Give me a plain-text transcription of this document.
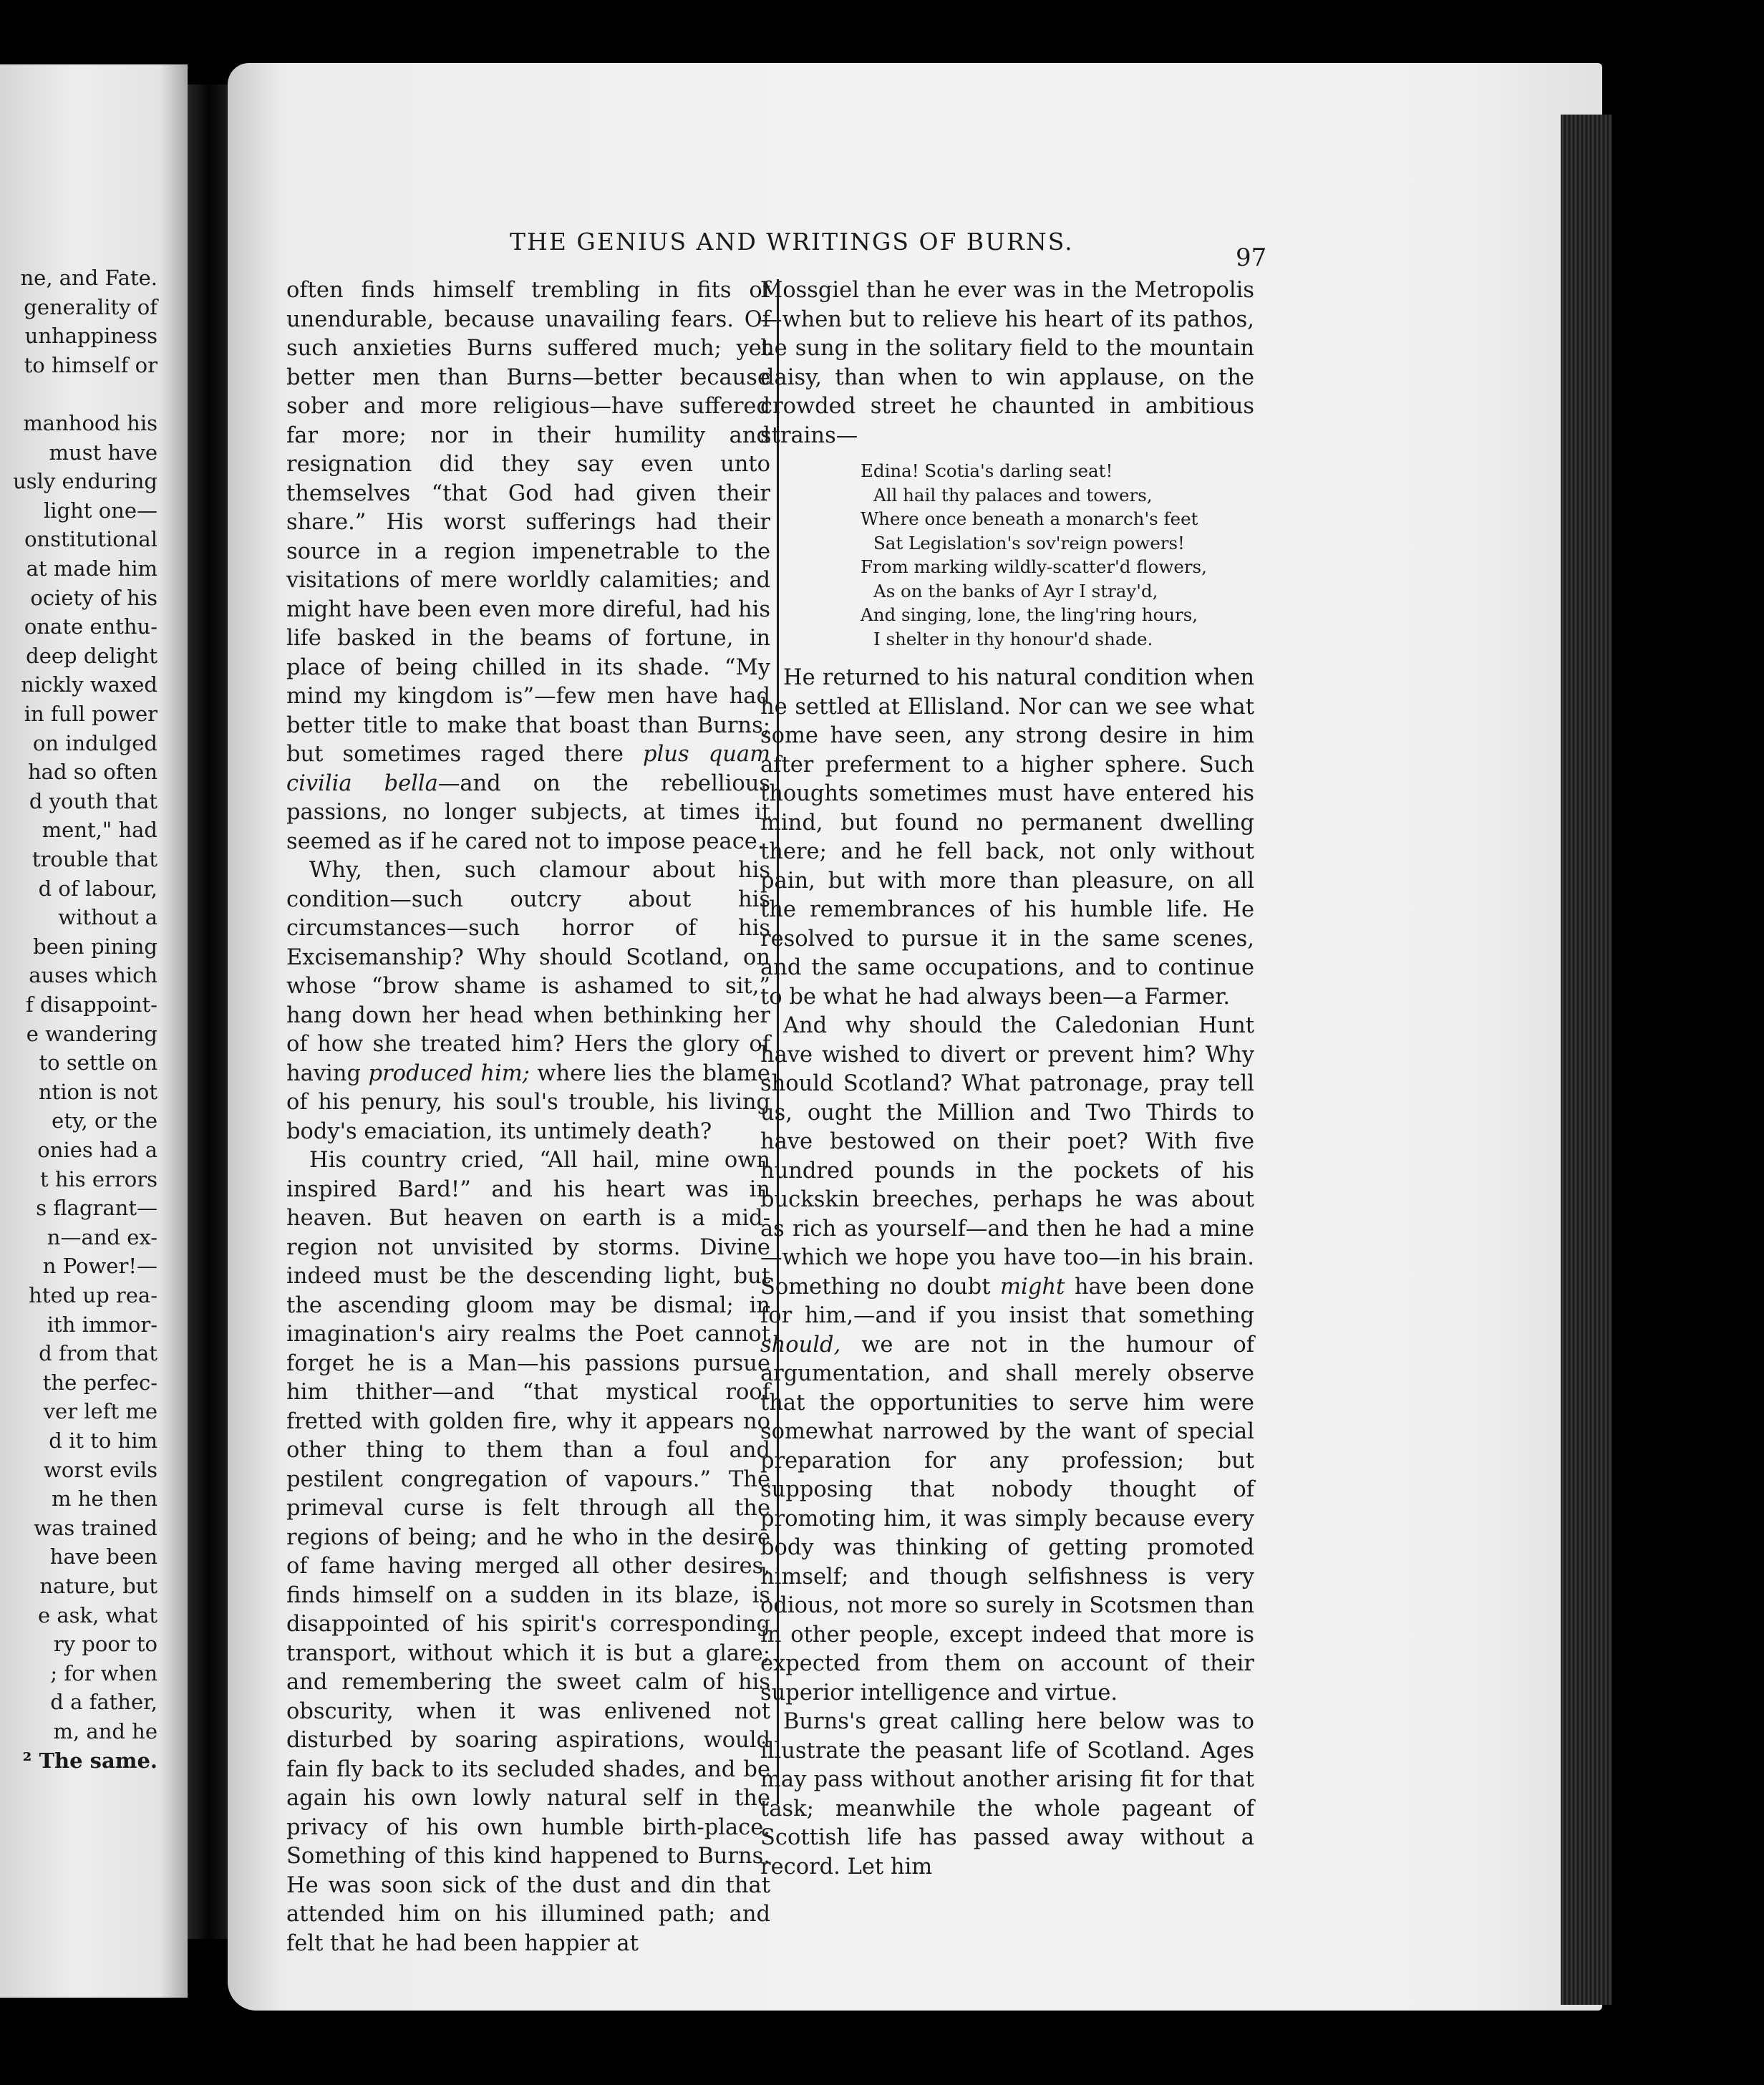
ne, and Fate.
generality of
unhappiness
to himself or
manhood his
must have
usly enduring
light one—
onstitutional
at made him
ociety of his
onate enthu-
deep delight
nickly waxed
in full power
on indulged
had so often
d youth that
ment," had
trouble that
d of labour,
without a
been pining
auses which
f disappoint-
e wandering
to settle on
ntion is not
ety, or the
onies had a
t his errors
s flagrant—
n—and ex-
n Power!—
hted up rea-
ith immor-
d from that
the perfec-
ver left me
d it to him
worst evils
m he then
was trained
have been
nature, but
e ask, what
ry poor to
; for when
d a father,
m, and he
² The same.
THE GENIUS AND WRITINGS OF BURNS.
97

often finds himself trembling in fits of unendurable, because unavailing fears. Of such anxieties Burns suffered much; yet better men than Burns—better because sober and more religious—have suffered far more; nor in their humility and resignation did they say even unto themselves “that God had given their share.” His worst sufferings had their source in a region impenetrable to the visitations of mere worldly calamities; and might have been even more direful, had his life basked in the beams of fortune, in place of being chilled in its shade. “My mind my kingdom is”—few men have had better title to make that boast than Burns; but sometimes raged there plus quam civilia bella—and on the rebellious passions, no longer subjects, at times it seemed as if he cared not to impose peace.

Why, then, such clamour about his condition—such outcry about his circumstances—such horror of his Excisemanship? Why should Scotland, on whose “brow shame is ashamed to sit,” hang down her head when bethinking her of how she treated him? Hers the glory of having produced him; where lies the blame of his penury, his soul's trouble, his living body's emaciation, its untimely death?

His country cried, “All hail, mine own inspired Bard!” and his heart was in heaven. But heaven on earth is a mid-region not unvisited by storms. Divine indeed must be the descending light, but the ascending gloom may be dismal; in imagination's airy realms the Poet cannot forget he is a Man—his passions pursue him thither—and “that mystical roof fretted with golden fire, why it appears no other thing to them than a foul and pestilent congregation of vapours.” The primeval curse is felt through all the regions of being; and he who in the desire of fame having merged all other desires, finds himself on a sudden in its blaze, is disappointed of his spirit's corresponding transport, without which it is but a glare; and remembering the sweet calm of his obscurity, when it was enlivened not disturbed by soaring aspirations, would fain fly back to its secluded shades, and be again his own lowly natural self in the privacy of his own humble birth-place. Something of this kind happened to Burns. He was soon sick of the dust and din that attended him on his illumined path; and felt that he had been happier at

Mossgiel than he ever was in the Metropolis—when but to relieve his heart of its pathos, he sung in the solitary field to the mountain daisy, than when to win applause, on the crowded street he chaunted in ambitious strains—

Edina! Scotia's darling seat!
All hail thy palaces and towers,
Where once beneath a monarch's feet
Sat Legislation's sov'reign powers!
From marking wildly-scatter'd flowers,
As on the banks of Ayr I stray'd,
And singing, lone, the ling'ring hours,
I shelter in thy honour'd shade.

He returned to his natural condition when he settled at Ellisland. Nor can we see what some have seen, any strong desire in him after preferment to a higher sphere. Such thoughts sometimes must have entered his mind, but found no permanent dwelling there; and he fell back, not only without pain, but with more than pleasure, on all the remembrances of his humble life. He resolved to pursue it in the same scenes, and the same occupations, and to continue to be what he had always been—a Farmer.

And why should the Caledonian Hunt have wished to divert or prevent him? Why should Scotland? What patronage, pray tell us, ought the Million and Two Thirds to have bestowed on their poet? With five hundred pounds in the pockets of his buckskin breeches, perhaps he was about as rich as yourself—and then he had a mine—which we hope you have too—in his brain. Something no doubt might have been done for him,—and if you insist that something should, we are not in the humour of argumentation, and shall merely observe that the opportunities to serve him were somewhat narrowed by the want of special preparation for any profession; but supposing that nobody thought of promoting him, it was simply because every body was thinking of getting promoted himself; and though selfishness is very odious, not more so surely in Scotsmen than in other people, except indeed that more is expected from them on account of their superior intelligence and virtue.

Burns's great calling here below was to illustrate the peasant life of Scotland. Ages may pass without another arising fit for that task; meanwhile the whole pageant of Scottish life has passed away without a record. Let him
